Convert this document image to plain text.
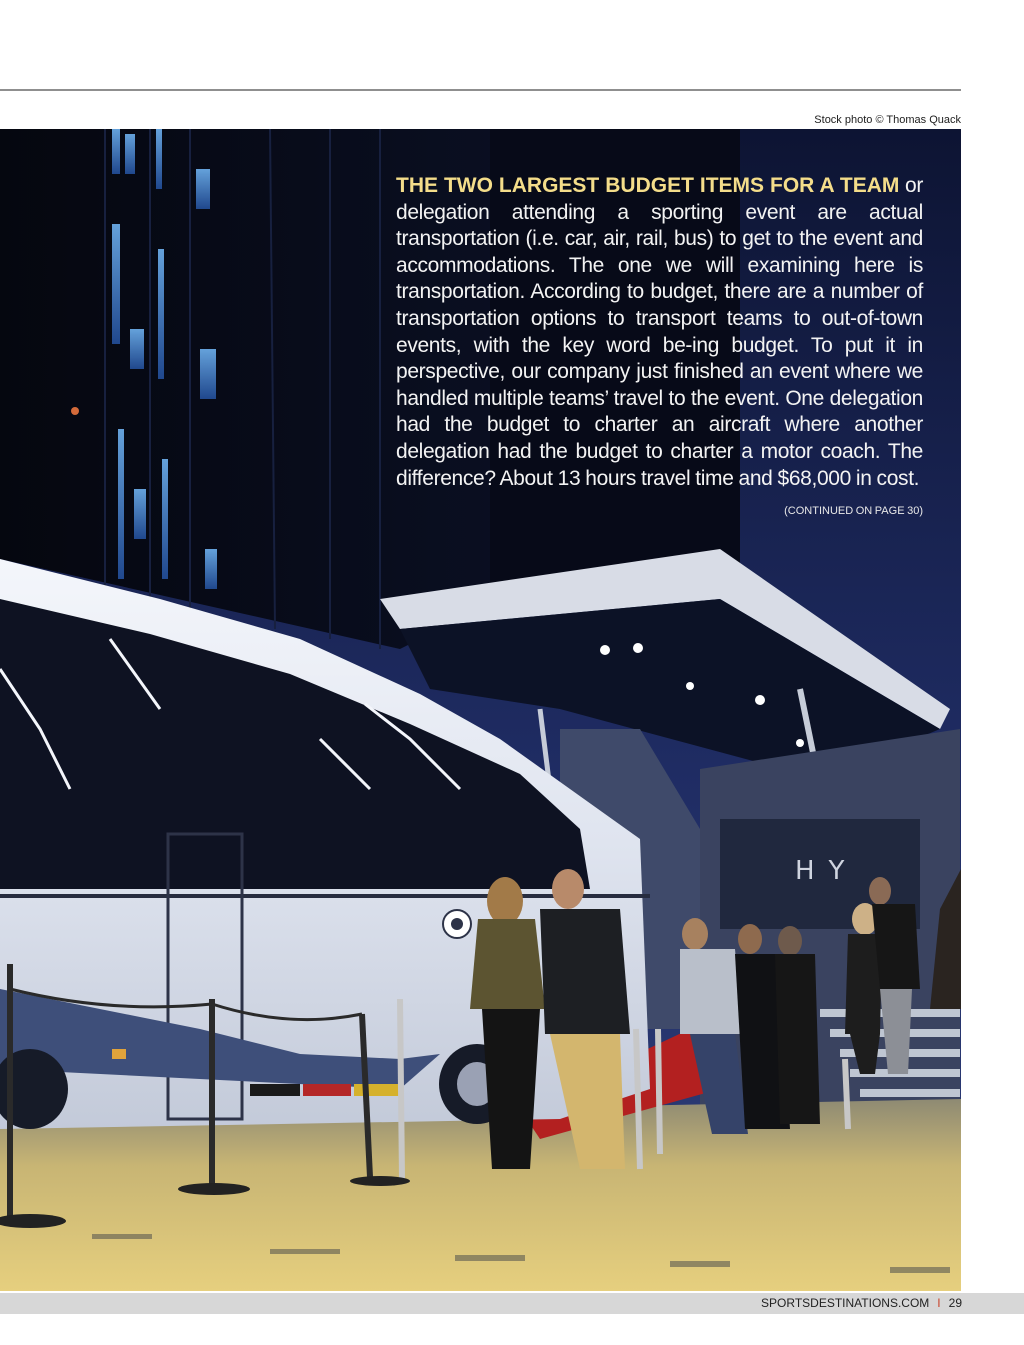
Stock photo © Thomas Quack
HY
THE TWO LARGEST BUDGET ITEMS FOR A TEAM or delegation attending a sporting event are actual transportation (i.e. car, air, rail, bus) to get to the event and accommodations. The one we will examining here is transportation. According to budget, there are a number of transportation options to transport teams to out-of-town events, with the key word be-ing budget. To put it in perspective, our company just finished an event where we handled multiple teams’ travel to the event. One delegation had the budget to charter an aircraft where another delegation had the budget to charter a motor coach. The difference? About 13 hours travel time and $68,000 in cost.
(CONTINUED ON PAGE 30)
SPORTSDESTINATIONS.COM I 29
